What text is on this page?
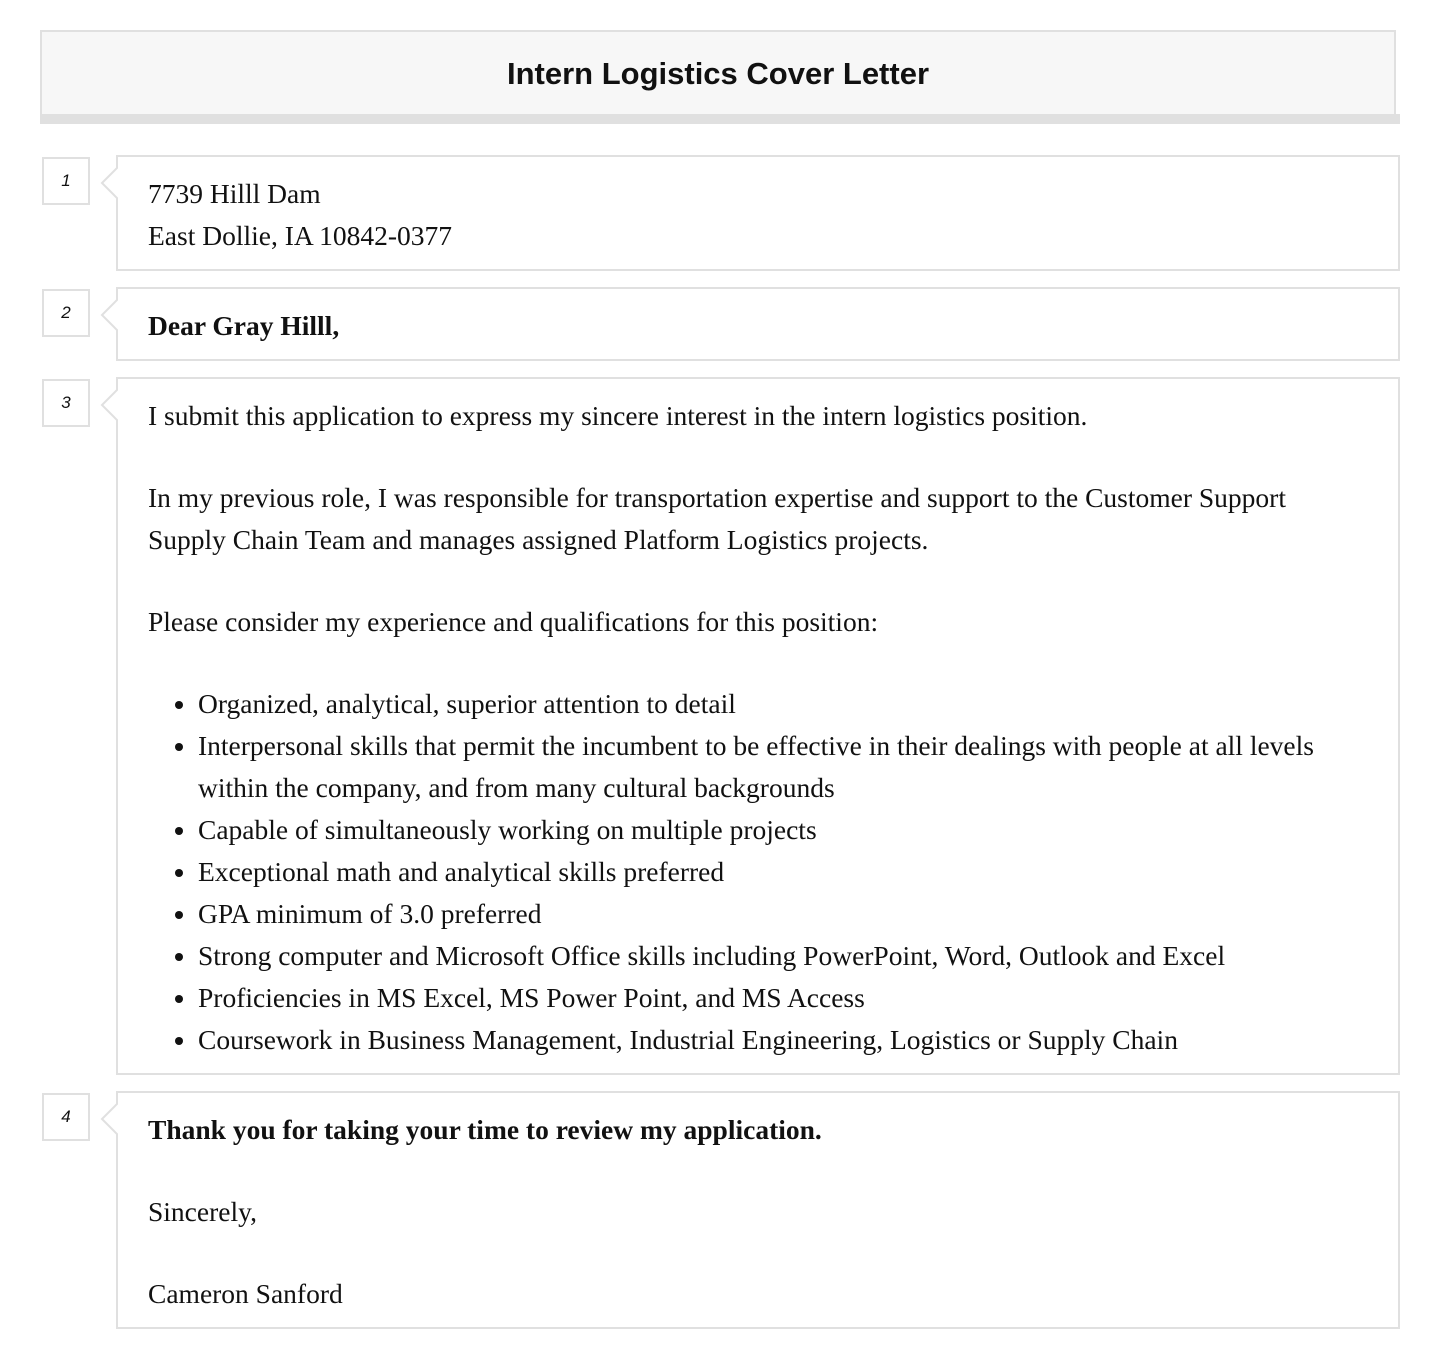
Intern Logistics Cover Letter
1	7739 Hilll Dam

East Dollie, IA 10842-0377

2	Dear Gray Hilll,

3	I submit this application to express my sincere interest in the intern logistics position.

In my previous role, I was responsible for transportation expertise and support to the Customer Support Supply Chain Team and manages assigned Platform Logistics projects.

Please consider my experience and qualifications for this position:

• Organized, analytical, superior attention to detail
• Interpersonal skills that permit the incumbent to be effective in their dealings with people at all levels within the company, and from many cultural backgrounds
• Capable of simultaneously working on multiple projects
• Exceptional math and analytical skills preferred
• GPA minimum of 3.0 preferred
• Strong computer and Microsoft Office skills including PowerPoint, Word, Outlook and Excel
• Proficiencies in MS Excel, MS Power Point, and MS Access
• Coursework in Business Management, Industrial Engineering, Logistics or Supply Chain
4	Thank you for taking your time to review my application.

Sincerely,

Cameron Sanford
